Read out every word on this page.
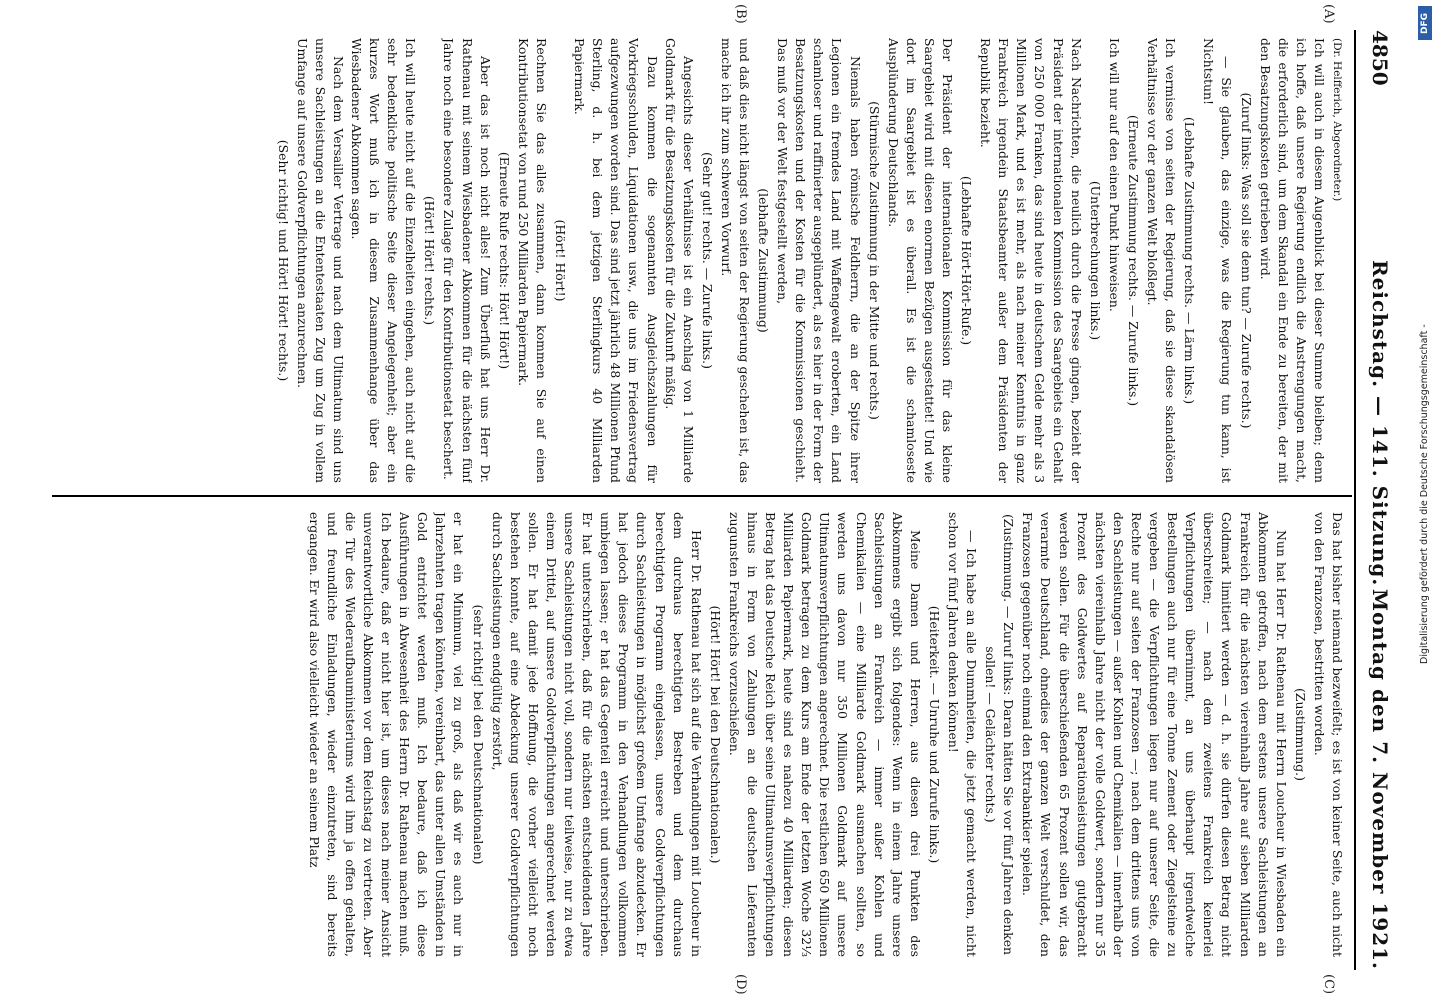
4850
Reichstag. — 141. Sitzung.
Montag den 7. November 1921.
(A)
(B)
(C)
(D)

(Dr. Helfferich, Abgeordneter.)

Ich will auch in diesem Augenblick bei dieser Summe bleiben; denn ich hoffe, daß unsere Regierung endlich die Anstrengungen macht, die erforderlich sind, um dem Skandal ein Ende zu bereiten, der mit den Besatzungskosten getrieben wird.

(Zuruf links: Was soll sie denn tun? — Zurufe rechts.)

— Sie glauben, das einzige, was die Regierung tun kann, ist Nichtstun!

(Lebhafte Zustimmung rechts. — Lärm links.)

Ich vermisse von seiten der Regierung, daß sie diese skandalösen Verhältnisse vor der ganzen Welt bloßlegt.

(Erneute Zustimmung rechts. — Zurufe links.)

Ich will nur auf den einen Punkt hinweisen.

(Unterbrechungen links.)

Nach Nachrichten, die neulich durch die Presse gingen, bezieht der Präsident der internationalen Kommission des Saargebiets ein Gehalt von 250 000 Franken, das sind heute in deutschem Gelde mehr als 3 Millionen Mark, und es ist mehr, als nach meiner Kenntnis in ganz Frankreich irgendein Staatsbeamter außer dem Präsidenten der Republik bezieht.

(Lebhafte Hört-Hört-Rufe.)

Der Präsident der internationalen Kommission für das kleine Saargebiet wird mit diesen enormen Bezügen ausgestattet! Und wie dort im Saargebiet ist es überall. Es ist die schamloseste Ausplünderung Deutschlands.

(Stürmische Zustimmung in der Mitte und rechts.)

Niemals haben römische Feldherrn, die an der Spitze ihrer Legionen ein fremdes Land mit Waffengewalt eroberten, ein Land schamloser und raffinierter ausgeplündert, als es hier in der Form der Besatzungskosten und der Kosten für die Kommissionen geschieht. Das muß vor der Welt festgestellt werden,

(lebhafte Zustimmung)

und daß dies nicht längst von seiten der Regierung geschehen ist, das mache ich ihr zum schweren Vorwurf.

(Sehr gut! rechts. — Zurufe links.)

Angesichts dieser Verhältnisse ist ein Anschlag von 1 Milliarde Goldmark für die Besatzungskosten für die Zukunft mäßig.

Dazu kommen die sogenannten Ausgleichszahlungen für Vorkriegsschulden, Liquidationen usw., die uns im Friedensvertrag aufgezwungen worden sind. Das sind jetzt jährlich 48 Millionen Pfund Sterling, d. h. bei dem jetzigen Sterlingkurs 40 Milliarden Papiermark.

(Hört! Hört!)

Rechnen Sie das alles zusammen, dann kommen Sie auf einen Kontributionsetat von rund 250 Milliarden Papiermark.

(Erneute Rufe rechts: Hört! Hört!)

Aber das ist noch nicht alles! Zum Überfluß hat uns Herr Dr. Rathenau mit seinem Wiesbadener Abkommen für die nächsten fünf Jahre noch eine besondere Zulage für den Kontributionsetat beschert.

(Hört! Hört! rechts.)

Ich will heute nicht auf die Einzelheiten eingehen, auch nicht auf die sehr bedenkliche politische Seite dieser Angelegenheit; aber ein kurzes Wort muß ich in diesem Zusammenhange über das Wiesbadener Abkommen sagen.

Nach dem Versailler Vertrage und nach dem Ultimatum sind uns unsere Sachleistungen an die Ententestaaten Zug um Zug in vollem Umfange auf unsere Goldverpflichtungen anzurechnen.

(Sehr richtig! und Hört! Hört! rechts.)

Das hat bisher niemand bezweifelt; es ist von keiner Seite, auch nicht von den Franzosen, bestritten worden.

(Zustimmung.)

Nun hat Herr Dr. Rathenau mit Herrn Loucheur in Wiesbaden ein Abkommen getroffen, nach dem erstens unsere Sachleistungen an Frankreich für die nächsten viereinhalb Jahre auf sieben Milliarden Goldmark limitiert werden — d. h. sie dürfen diesen Betrag nicht überschreiten; — nach dem zweitens Frankreich keinerlei Verpflichtungen übernimmt, an uns überhaupt irgendwelche Bestellungen auch nur für eine Tonne Zement oder Ziegelsteine zu vergeben — die Verpflichtungen liegen nur auf unserer Seite, die Rechte nur auf seiten der Franzosen —; nach dem drittens uns von den Sachleistungen — außer Kohlen und Chemikalien — innerhalb der nächsten viereinhalb Jahre nicht der volle Goldwert, sondern nur 35 Prozent des Goldwertes auf Reparationsleistungen gutgebracht werden sollen. Für die überschießenden 65 Prozent sollen wir, das verarmte Deutschland, ohnedies der ganzen Welt verschuldet, den Franzosen gegenüber noch einmal den Extrabankier spielen.

(Zustimmung. — Zuruf links: Daran hätten Sie vor fünf Jahren denken sollen! — Gelächter rechts.)

— Ich habe an alle Dummheiten, die jetzt gemacht werden, nicht schon vor fünf Jahren denken können!

(Heiterkeit. — Unruhe und Zurufe links.)

Meine Damen und Herren, aus diesen drei Punkten des Abkommens ergibt sich folgendes: Wenn in einem Jahre unsere Sachleistungen an Frankreich — immer außer Kohlen und Chemikalien — eine Milliarde Goldmark ausmachen sollten, so werden uns davon nur 350 Millionen Goldmark auf unsere Ultimatumsverpflichtungen angerechnet. Die restlichen 650 Millionen Goldmark betragen zu dem Kurs am Ende der letzten Woche 32⅓ Milliarden Papiermark, heute sind es nahezu 40 Milliarden; diesen Betrag hat das Deutsche Reich über seine Ultimatumsverpflichtungen hinaus in Form von Zahlungen an die deutschen Lieferanten zugunsten Frankreichs vorzuschießen.

(Hört! Hört! bei den Deutschnationalen.)

Herr Dr. Rathenau hat sich auf die Verhandlungen mit Loucheur in dem durchaus berechtigten Bestreben und dem durchaus berechtigten Programm eingelassen, unsere Goldverpflichtungen durch Sachleistungen in möglichst großem Umfange abzudecken. Er hat jedoch dieses Programm in den Verhandlungen vollkommen umbiegen lassen; er hat das Gegenteil erreicht und unterschrieben. Er hat unterschrieben, daß für die nächsten entscheidenden Jahre unsere Sachleistungen nicht voll, sondern nur teilweise, nur zu etwa einem Drittel, auf unsere Goldverpflichtungen angerechnet werden sollen. Er hat damit jede Hoffnung, die vorher vielleicht noch bestehen konnte, auf eine Abdeckung unserer Goldverpflichtungen durch Sachleistungen endgültig zerstört,

(sehr richtig! bei den Deutschnationalen)

er hat ein Minimum, viel zu groß, als daß wir es auch nur in Jahrzehnten tragen könnten, vereinbart, das unter allen Umständen in Gold entrichtet werden muß. Ich bedaure, daß ich diese Ausführungen in Abwesenheit des Herrn Dr. Rathenau machen muß. Ich bedaure, daß er nicht hier ist, um dieses nach meiner Ansicht unverantwortliche Abkommen vor dem Reichstag zu vertreten. Aber die Tür des Wiederaufbauministeriums wird ihm ja offen gehalten, und freundliche Einladungen, wieder einzutreten, sind bereits ergangen. Er wird also vielleicht wieder an seinem Platz

DFG
Digitalisierung gefördert durch die Deutsche Forschungsgemeinschaft -
